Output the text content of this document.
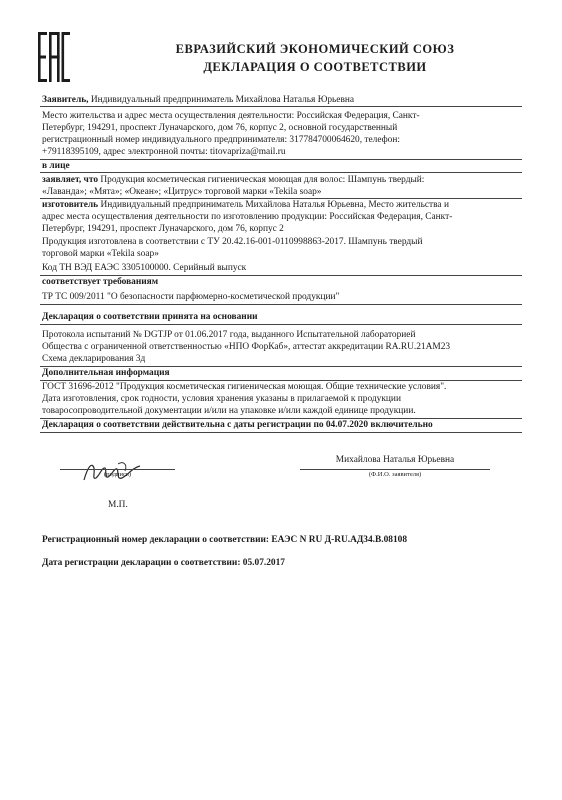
ЕВРАЗИЙСКИЙ ЭКОНОМИЧЕСКИЙ СОЮЗ
ДЕКЛАРАЦИЯ О СООТВЕТСТВИИ

Заявитель, Индивидуальный предприниматель Михайлова Наталья Юрьевна

Место жительства и адрес места осуществления деятельности: Российская Федерация, Санкт-

Петербург, 194291, проспект Луначарского, дом 76, корпус 2, основной государственный

регистрационный номер индивидуального предпринимателя: 317784700064620, телефон:

+79118395109, адрес электронной почты: titovapriza@mail.ru

в лице

заявляет, что Продукция косметическая гигиеническая моющая для волос: Шампунь твердый:

«Лаванда»; «Мята»; «Океан»; «Цитрус» торговой марки «Tekila soap»

изготовитель Индивидуальный предприниматель Михайлова Наталья Юрьевна, Место жительства и

адрес места осуществления деятельности по изготовлению продукции: Российская Федерация, Санкт-

Петербург, 194291, проспект Луначарского, дом 76, корпус 2

Продукция изготовлена в соответствии с ТУ 20.42.16-001-0110998863-2017. Шампунь твердый

торговой марки «Tekila soap»

Код ТН ВЭД ЕАЭС 3305100000. Серийный выпуск

соответствует требованиям

ТР ТС 009/2011 "О безопасности парфюмерно-косметической продукции"

Декларация о соответствии принята на основании

Протокола испытаний № DGTJP от 01.06.2017 года, выданного Испытательной лабораторией

Общества с ограниченной ответственностью «НПО ФорКаб», аттестат аккредитации RA.RU.21АМ23

Схема декларирования 3д

Дополнительная информация

ГОСТ 31696-2012 "Продукция косметическая гигиеническая моющая. Общие технические условия".

Дата изготовления, срок годности, условия хранения указаны в прилагаемой к продукции

товаросопроводительной документации и/или на упаковке и/или каждой единице продукции.

Декларация о соответствии действительна с даты регистрации по 04.07.2020 включительно

(подпись)
Михайлова Наталья Юрьевна
(Ф.И.О. заявителя)
М.П.

Регистрационный номер декларации о соответствии: ЕАЭС N RU Д-RU.АД34.В.08108

Дата регистрации декларации о соответствии: 05.07.2017
